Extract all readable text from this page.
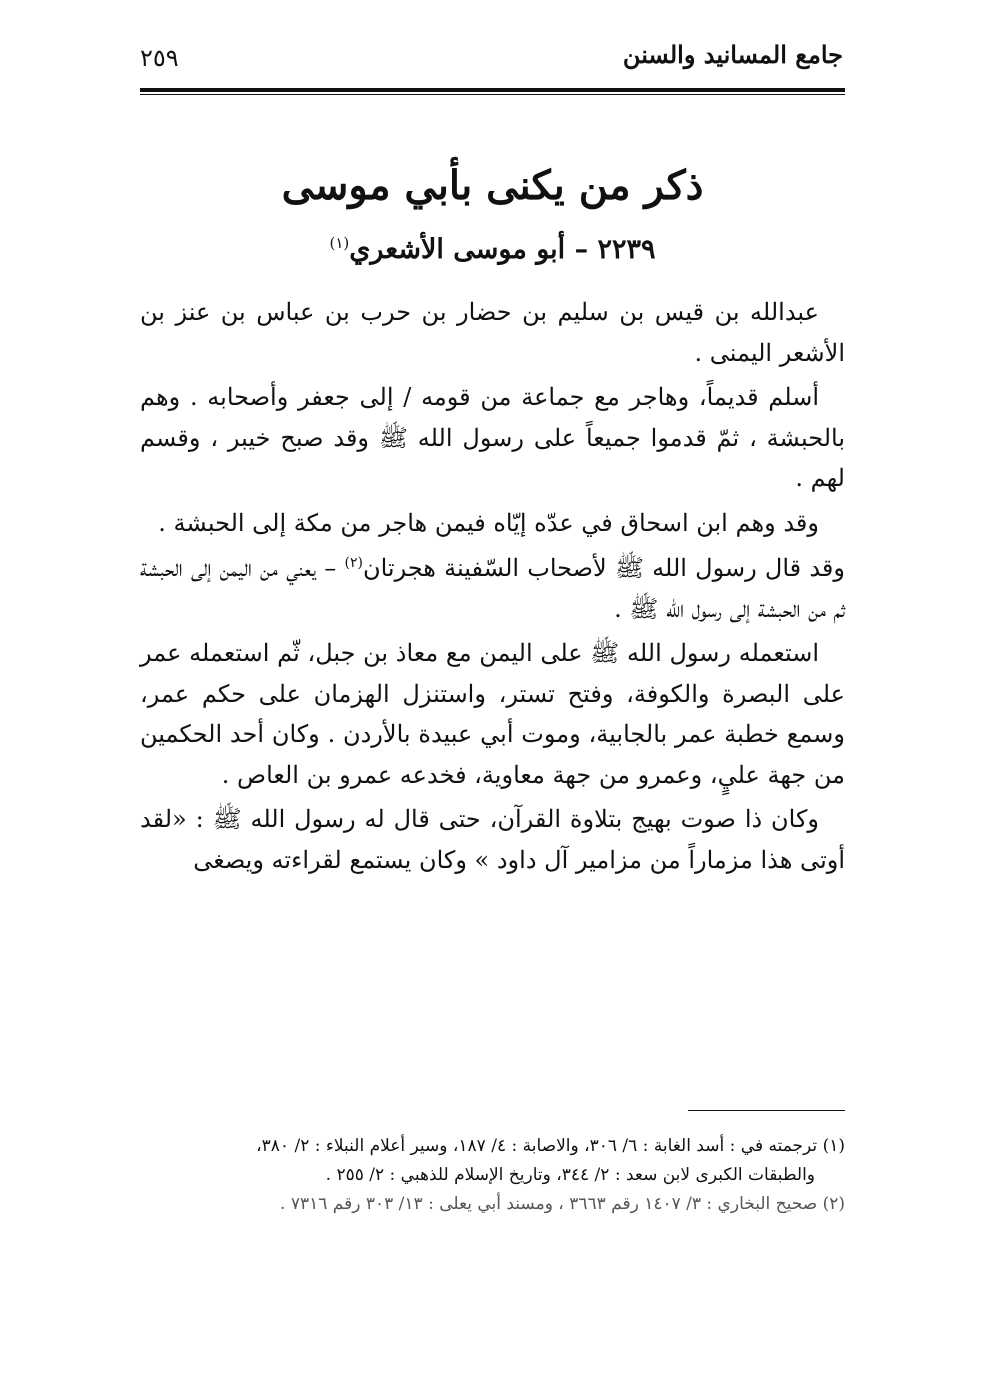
جامع المسانيد والسنن
٢٥٩
ذكر من يكنى بأبي موسى
٢٢٣٩ – أبو موسى الأشعري$^{(١)}$

عبدالله بن قيس بن سليم بن حضار بن حرب بن عباس بن عنز بن الأشعر اليمنى .

أسلم قديماً، وهاجر مع جماعة من قومه / إلى جعفر وأصحابه . وهم بالحبشة ، ثمّ قدموا جميعاً على رسول الله ﷺ وقد صبح خيبر ، وقسم لهم .

وقد وهم ابن اسحاق في عدّه إيّاه فيمن هاجر من مكة إلى الحبشة .
وقد قال رسول الله ﷺ لأصحاب السّفينة هجرتان$^{(٢)}$ – يعني من اليمن إلى الحبشة ثم من الحبشة إلى رسول الله ﷺ .

استعمله رسول الله ﷺ على اليمن مع معاذ بن جبل، ثّم استعمله عمر على البصرة والكوفة، وفتح تستر، واستنزل الهزمان على حكم عمر، وسمع خطبة عمر بالجابية، وموت أبي عبيدة بالأردن . وكان أحد الحكمين من جهة عليٍ، وعمرو من جهة معاوية، فخدعه عمرو بن العاص .

وكان ذا صوت بهيج بتلاوة القرآن، حتى قال له رسول الله ﷺ : «لقد أوتى هذا مزماراً من مزامير آل داود » وكان يستمع لقراءته ويصغى

(١) ترجمته في : أسد الغابة : ٦/ ٣٠٦، والاصابة : ٤/ ١٨٧، وسير أعلام النبلاء : ٢/ ٣٨٠،

والطبقات الكبرى لابن سعد : ٢/ ٣٤٤، وتاريخ الإسلام للذهبي : ٢/ ٢٥٥ .

(٢) صحيح البخاري : ٣/ ١٤٠٧ رقم ٣٦٦٣ ، ومسند أبي يعلى : ١٣/ ٣٠٣ رقم ٧٣١٦ .
